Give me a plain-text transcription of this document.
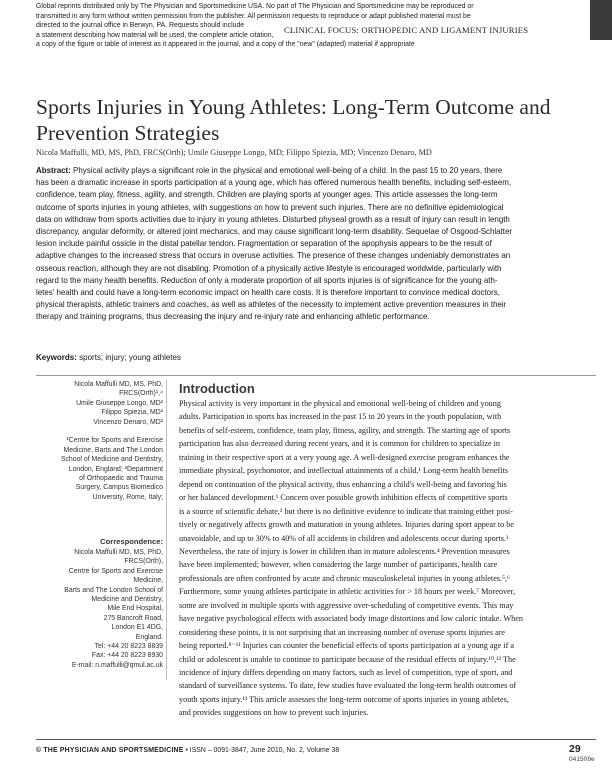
Global reprints distributed only by The Physician and Sportsmedicine USA. No part of The Physician and Sportsmedicine may be reproduced or
transmitted in any form without written permission from the publisher. All permission requests to reproduce or adapt published material must be
directed to the journal office in Berwyn, PA. Requests should include
a statement describing how material will be used, the complete article citation,
a copy of the figure or table of interest as it appeared in the journal, and a copy of the "new" (adapted) material if appropriate
CLINICAL FOCUS: ORTHOPEDIC AND LIGAMENT INJURIES
Sports Injuries in Young Athletes: Long-Term Outcome and Prevention Strategies
Nicola Maffulli, MD, MS, PhD, FRCS(Orth); Umile Giuseppe Longo, MD; Filippo Spiezia, MD; Vincenzo Denaro, MD
Abstract: Physical activity plays a significant role in the physical and emotional well-being of a child. In the past 15 to 20 years, there
has been a dramatic increase in sports participation at a young age, which has offered numerous health benefits, including self-esteem,
confidence, team play, fitness, agility, and strength. Children are playing sports at younger ages. This article assesses the long-term
outcome of sports injuries in young athletes, with suggestions on how to prevent such injuries. There are no definitive epidemiological
data on withdraw from sports activities due to injury in young athletes. Disturbed physeal growth as a result of injury can result in length
discrepancy, angular deformity, or altered joint mechanics, and may cause significant long-term disability. Sequelae of Osgood-Schlatter
lesion include painful ossicle in the distal patellar tendon. Fragmentation or separation of the apophysis appears to be the result of
adaptive changes to the increased stress that occurs in overuse activities. The presence of these changes undeniably demonstrates an
osseous reaction, although they are not disabling. Promotion of a physically active lifestyle is encouraged worldwide, particularly with
regard to the many health benefits. Reduction of only a moderate proportion of all sports injuries is of significance for the young ath-
letes' health and could have a long-term economic impact on health care costs. It is therefore important to convince medical doctors,
physical therapists, athletic trainers and coaches, as well as athletes of the necessity to implement active prevention measures in their
therapy and training programs, thus decreasing the injury and re-injury rate and enhancing athletic performance.
Keywords: sports; injury; young athletes
Nicola Maffulli MD, MS, PhD,
FRCS(Orth)¹,⁴
Umile Giuseppe Longo, MD²
Filippo Spiezia, MD²
Vincenzo Denaro, MD²
¹Centre for Sports and Exercise
Medicine, Barts and The London
School of Medicine and Dentistry,
London, England; ²Department
of Orthopaedic and Trauma
Surgery, Campus Biomedico
University, Rome, Italy;
Correspondence:
Nicola Maffulli MD, MS, PhD,
FRCS(Orth),
Centre for Sports and Exercise
Medicine,
Barts and The London School of
Medicine and Dentistry,
Mile End Hospital,
275 Bancroft Road,
London E1 4DG,
England.
Tel: +44 20 8223 8839
Fax: +44 20 8223 8930
E-mail: n.maffulli@qmul.ac.uk
Introduction
Physical activity is very important in the physical and emotional well-being of children and young
adults. Participation in sports has increased in the past 15 to 20 years in the youth population, with
benefits of self-esteem, confidence, team play, fitness, agility, and strength. The starting age of sports
participation has also decreased during recent years, and it is common for children to specialize in
training in their respective sport at a very young age. A well-designed exercise program enhances the
immediate physical, psychomotor, and intellectual attainments of a child.¹ Long-term health benefits
depend on continuation of the physical activity, thus enhancing a child's well-being and favoring his
or her balanced development.¹ Concern over possible growth inhibition effects of competitive sports
is a source of scientific debate,² but there is no definitive evidence to indicate that training either posi-
tively or negatively affects growth and maturation in young athletes. Injuries during sport appear to be
unavoidable, and up to 30% to 40% of all accidents in children and adolescents occur during sports.³
Nevertheless, the rate of injury is lower in children than in mature adolescents.⁴ Prevention measures
have been implemented; however, when considering the large number of participants, health care
professionals are often confronted by acute and chronic musculoskeletal injuries in young athletes.⁵,⁶
Furthermore, some young athletes participate in athletic activities for > 18 hours per week.⁷ Moreover,
some are involved in multiple sports with aggressive over-scheduling of competitive events. This may
have negative psychological effects with associated body image distortions and low caloric intake. When
considering these points, it is not surprising that an increasing number of overuse sports injuries are
being reported.⁸⁻¹¹ Injuries can counter the beneficial effects of sports participation at a young age if a
child or adolescent is unable to continue to participate because of the residual effects of injury.¹⁰,¹² The
incidence of injury differs depending on many factors, such as level of competition, type of sport, and
standard of surveillance systems. To date, few studies have evaluated the long-term health outcomes of
youth sports injury.¹³ This article assesses the long-term outcome of sports injuries in young athletes,
and provides suggestions on how to prevent such injuries.
© THE PHYSICIAN AND SPORTSMEDICINE • ISSN – 0091-3847, June 2010, No. 2, Volume 38	29
041509e
